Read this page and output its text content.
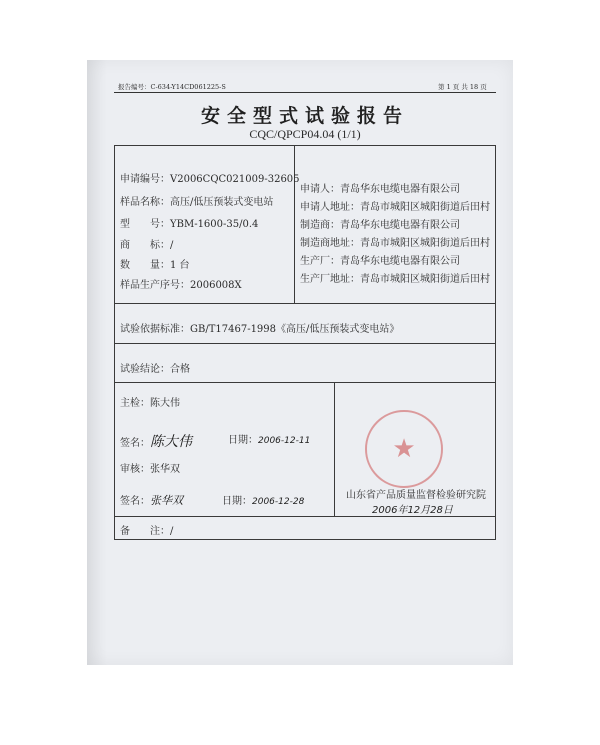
报告编号：C-634-Y14CD061225-S	第 1 页 共 18 页
安全型式试验报告
CQC/QPCP04.04 (1/1)
申请编号：V2006CQC021009-32605
样品名称：高压/低压预装式变电站
型　　号：YBM-1600-35/0.4
商　　标：/
数　　量：1 台
样品生产序号：2006008X
申请人：青岛华东电缆电器有限公司
申请人地址：青岛市城阳区城阳街道后田村
制造商：青岛华东电缆电器有限公司
制造商地址：青岛市城阳区城阳街道后田村
生产厂：青岛华东电缆电器有限公司
生产厂地址：青岛市城阳区城阳街道后田村
试验依据标准：GB/T17467-1998《高压/低压预装式变电站》
试验结论：合格
主检：陈大伟
签名：陈大伟	日期：2006-12-11
审核：张华双
签名：张华双	日期：2006-12-28
★
山东省产品质量监督检验研究院
2006年12月28日
备　　注：/
